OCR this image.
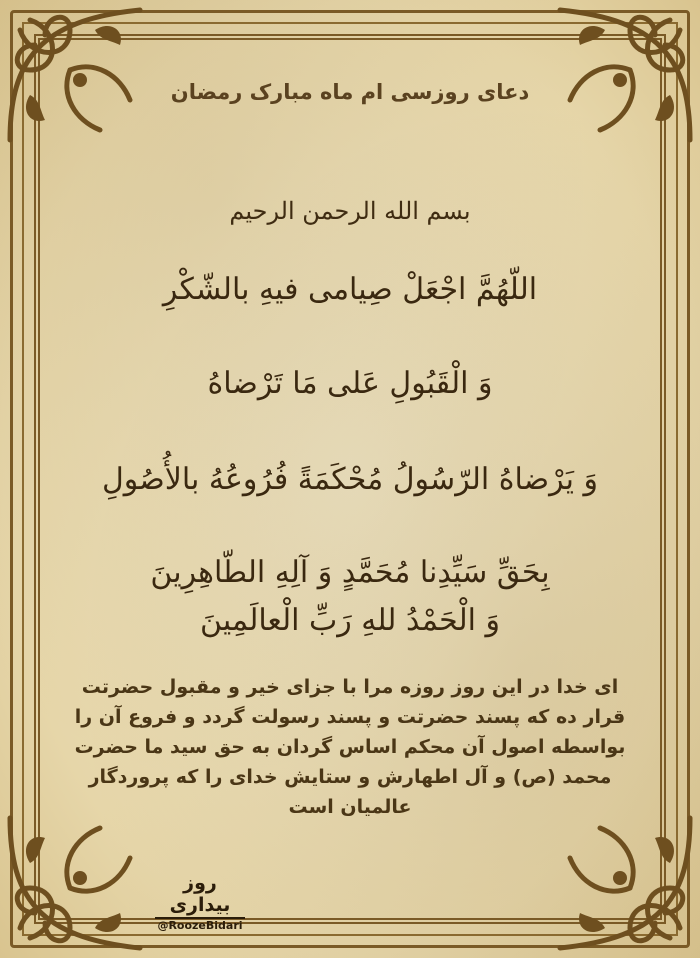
دعای روزسی ام ماه مبارک رمضان
بسم الله الرحمن الرحیم
اللّهُمَّ اجْعَلْ صِیامی فیهِ بالشّكْرِ
وَ الْقَبُولِ عَلى مَا تَرْضاهُ
وَ يَرْضاهُ الرّسُولُ مُحْكَمَةً فُرُوعُهُ بالأُصُولِ
بِحَقِّ سَیِّدِنا مُحَمَّدٍ وَ آلِهِ الطّاهِرِینَ
وَ الْحَمْدُ للهِ رَبِّ الْعالَمِینَ
ای خدا در این روز روزه مرا با جزای خیر و مقبول حضرتت قرار ده که پسند حضرتت و پسند رسولت گردد و فروع آن را بواسطه اصول آن محکم اساس گردان به حق سید ما حضرت محمد (ص) و آل اطهارش و ستایش خدای را که پروردگار عالمیان است
روز بیداری
@RoozeBidari
